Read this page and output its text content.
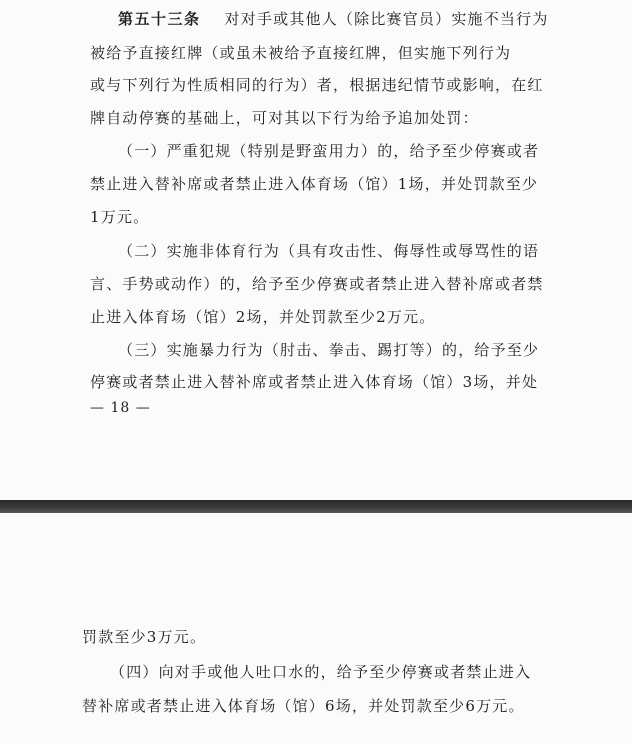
第五十三条 对对手或其他人（除比赛官员）实施不当行为
被给予直接红牌（或虽未被给予直接红牌，但实施下列行为
或与下列行为性质相同的行为）者，根据违纪情节或影响，在红
牌自动停赛的基础上，可对其以下行为给予追加处罚：
（一）严重犯规（特别是野蛮用力）的，给予至少停赛或者
禁止进入替补席或者禁止进入体育场（馆）1场，并处罚款至少
1万元。
（二）实施非体育行为（具有攻击性、侮辱性或辱骂性的语
言、手势或动作）的，给予至少停赛或者禁止进入替补席或者禁
止进入体育场（馆）2场，并处罚款至少2万元。
（三）实施暴力行为（肘击、拳击、踢打等）的，给予至少
停赛或者禁止进入替补席或者禁止进入体育场（馆）3场，并处
— 18 —
罚款至少3万元。
（四）向对手或他人吐口水的，给予至少停赛或者禁止进入
替补席或者禁止进入体育场（馆）6场，并处罚款至少6万元。
